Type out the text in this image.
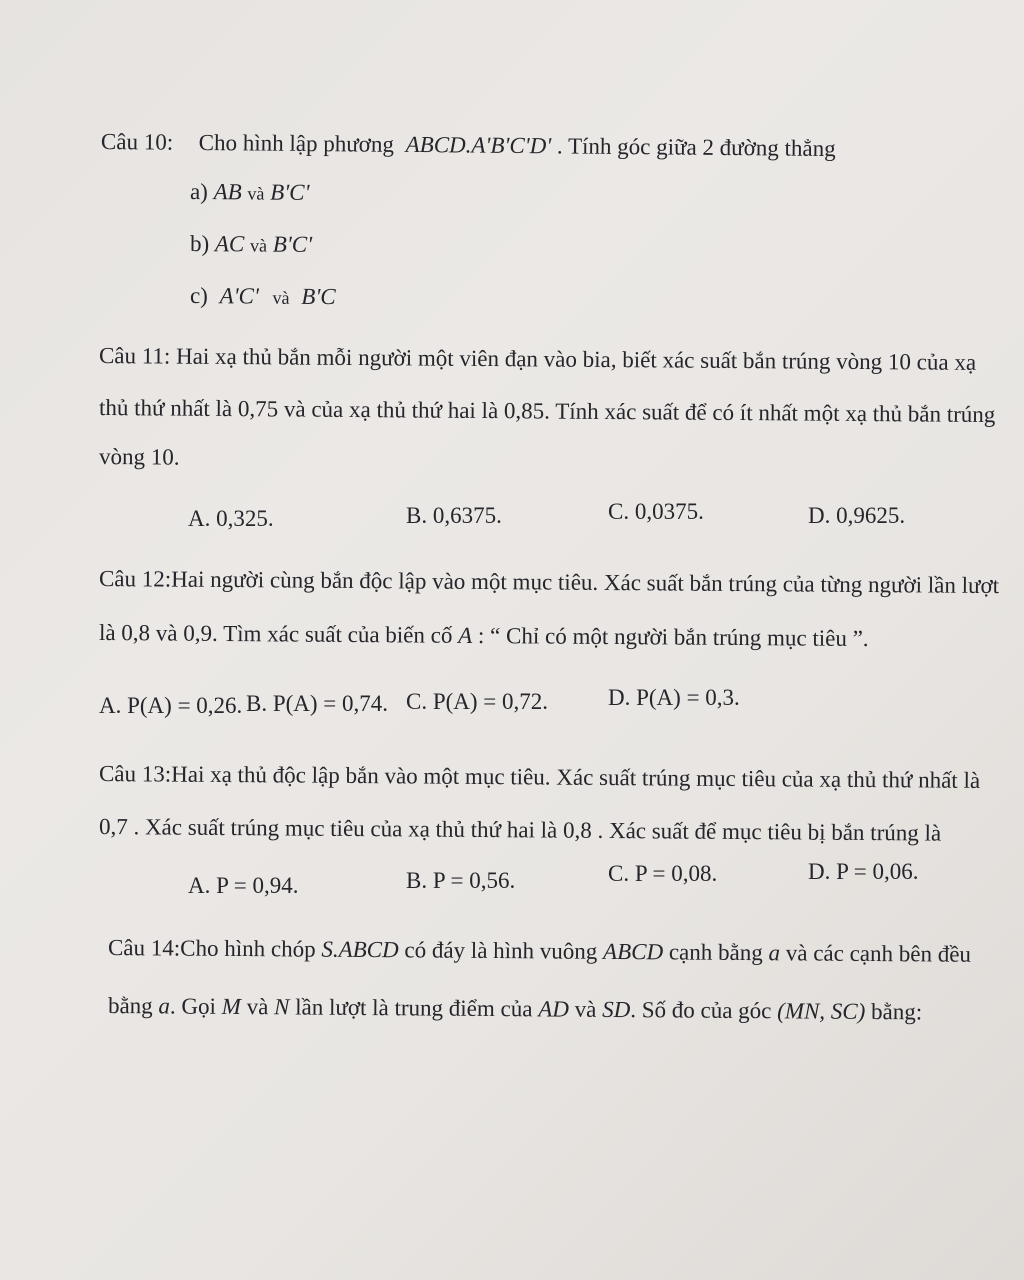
Câu 10: Cho hình lập phương ABCD.A'B'C'D' . Tính góc giữa 2 đường thẳng
a) AB và B'C'
b) AC và B'C'
c) A'C' và B'C
Câu 11: Hai xạ thủ bắn mỗi người một viên đạn vào bia, biết xác suất bắn trúng vòng 10 của xạ
thủ thứ nhất là 0,75 và của xạ thủ thứ hai là 0,85. Tính xác suất để có ít nhất một xạ thủ bắn trúng
vòng 10.
A. 0,325.	B. 0,6375.	C. 0,0375.	D. 0,9625.
Câu 12:Hai người cùng bắn độc lập vào một mục tiêu. Xác suất bắn trúng của từng người lần lượt
là 0,8 và 0,9. Tìm xác suất của biến cố A : “ Chỉ có một người bắn trúng mục tiêu ”.
A. P(A) = 0,26. B. P(A) = 0,74. C. P(A) = 0,72.	D. P(A) = 0,3.
Câu 13:Hai xạ thủ độc lập bắn vào một mục tiêu. Xác suất trúng mục tiêu của xạ thủ thứ nhất là
0,7 . Xác suất trúng mục tiêu của xạ thủ thứ hai là 0,8 . Xác suất để mục tiêu bị bắn trúng là
A. P = 0,94.	B. P = 0,56.	C. P = 0,08.	D. P = 0,06.
Câu 14:Cho hình chóp S.ABCD có đáy là hình vuông ABCD cạnh bằng a và các cạnh bên đều
bằng a. Gọi M và N lần lượt là trung điểm của AD và SD. Số đo của góc (MN, SC) bằng:
